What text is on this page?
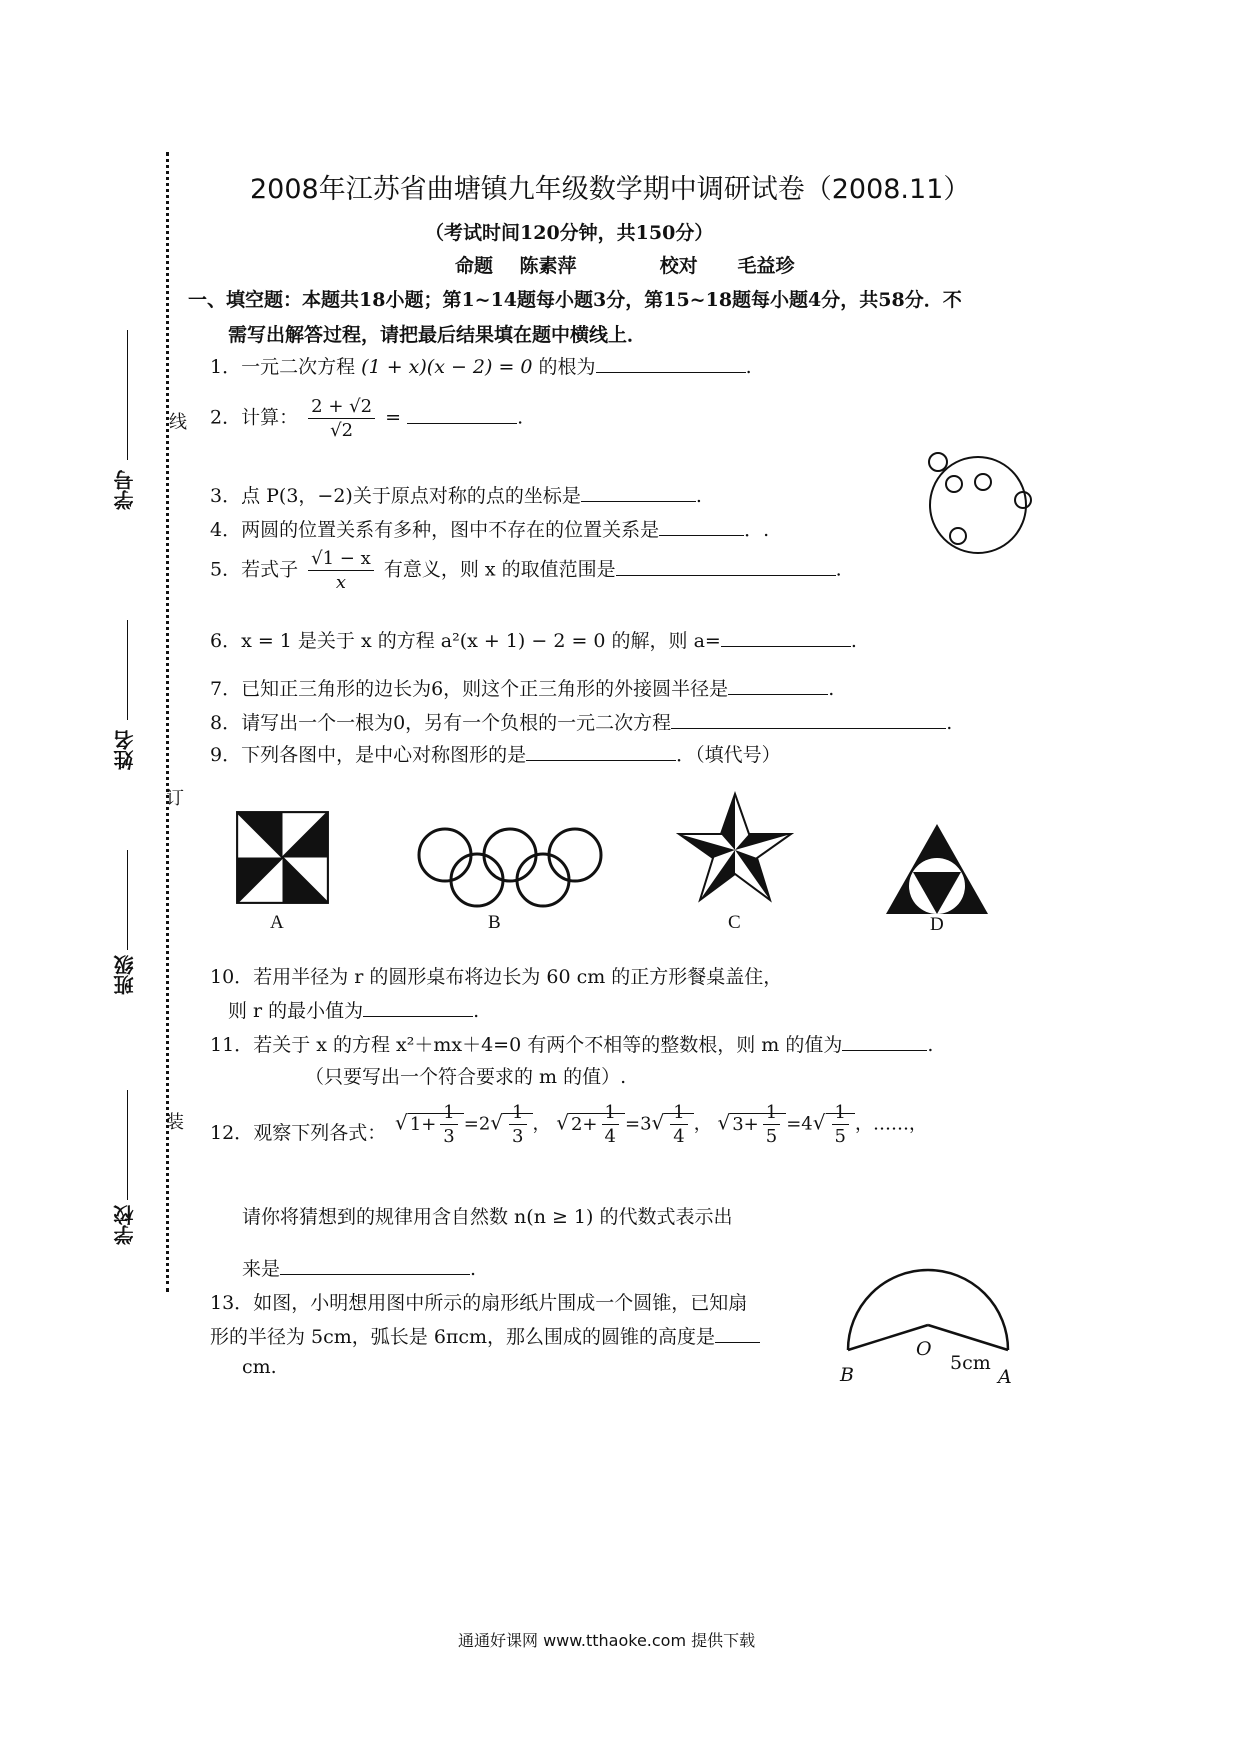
线
订
装
学号
姓名
班级
学校
2008年江苏省曲塘镇九年级数学期中调研试卷（2008.11）
（考试时间120分钟，共150分）
命题 陈素萍	校对 毛益珍
一、填空题：本题共18小题；第1~14题每小题3分，第15~18题每小题4分，共58分．不
需写出解答过程，请把最后结果填在题中横线上．
1．一元二次方程 (1 + x)(x − 2) = 0 的根为	.
2．计算： $\frac{2 + √2}{√2}$ =	.
3．点 P(3，−2)关于原点对称的点的坐标是	.
4．两圆的位置关系有多种，图中不存在的位置关系是	．.
5．若式子 $\frac{√1 - x}{x}$ 有意义，则 x 的取值范围是	.
6．x = 1 是关于 x 的方程 a²(x + 1) − 2 = 0 的解，则 a=	.
7．已知正三角形的边长为6，则这个正三角形的外接圆半径是	.
8．请写出一个一根为0，另有一个负根的一元二次方程	.
9．下列各图中，是中心对称图形的是	．（填代号）
A	B	C	D
10．若用半径为 r 的圆形桌布将边长为 60 cm 的正方形餐桌盖住，
则 r 的最小值为	.
11．若关于 x 的方程 x²＋mx＋4=0 有两个不相等的整数根，则 m 的值为	.
（只要写出一个符合要求的 m 的值）.
12．观察下列各式： √ $1+ \frac{1}{3} =2√ \frac{1}{3}$ ， √ $2+ \frac{1}{4} =3√ \frac{1}{4}$ ， √ $3+ \frac{1}{5} =4√ \frac{1}{5}$ ，……，
请你将猜想到的规律用含自然数 n(n ≥ 1) 的代数式表示出
来是	.
13．如图，小明想用图中所示的扇形纸片围成一个圆锥，已知扇
形的半径为 5cm，弧长是 6πcm，那么围成的圆锥的高度是
cm.	B
O
5cm
A
通通好课网 www.tthaoke.com 提供下载
